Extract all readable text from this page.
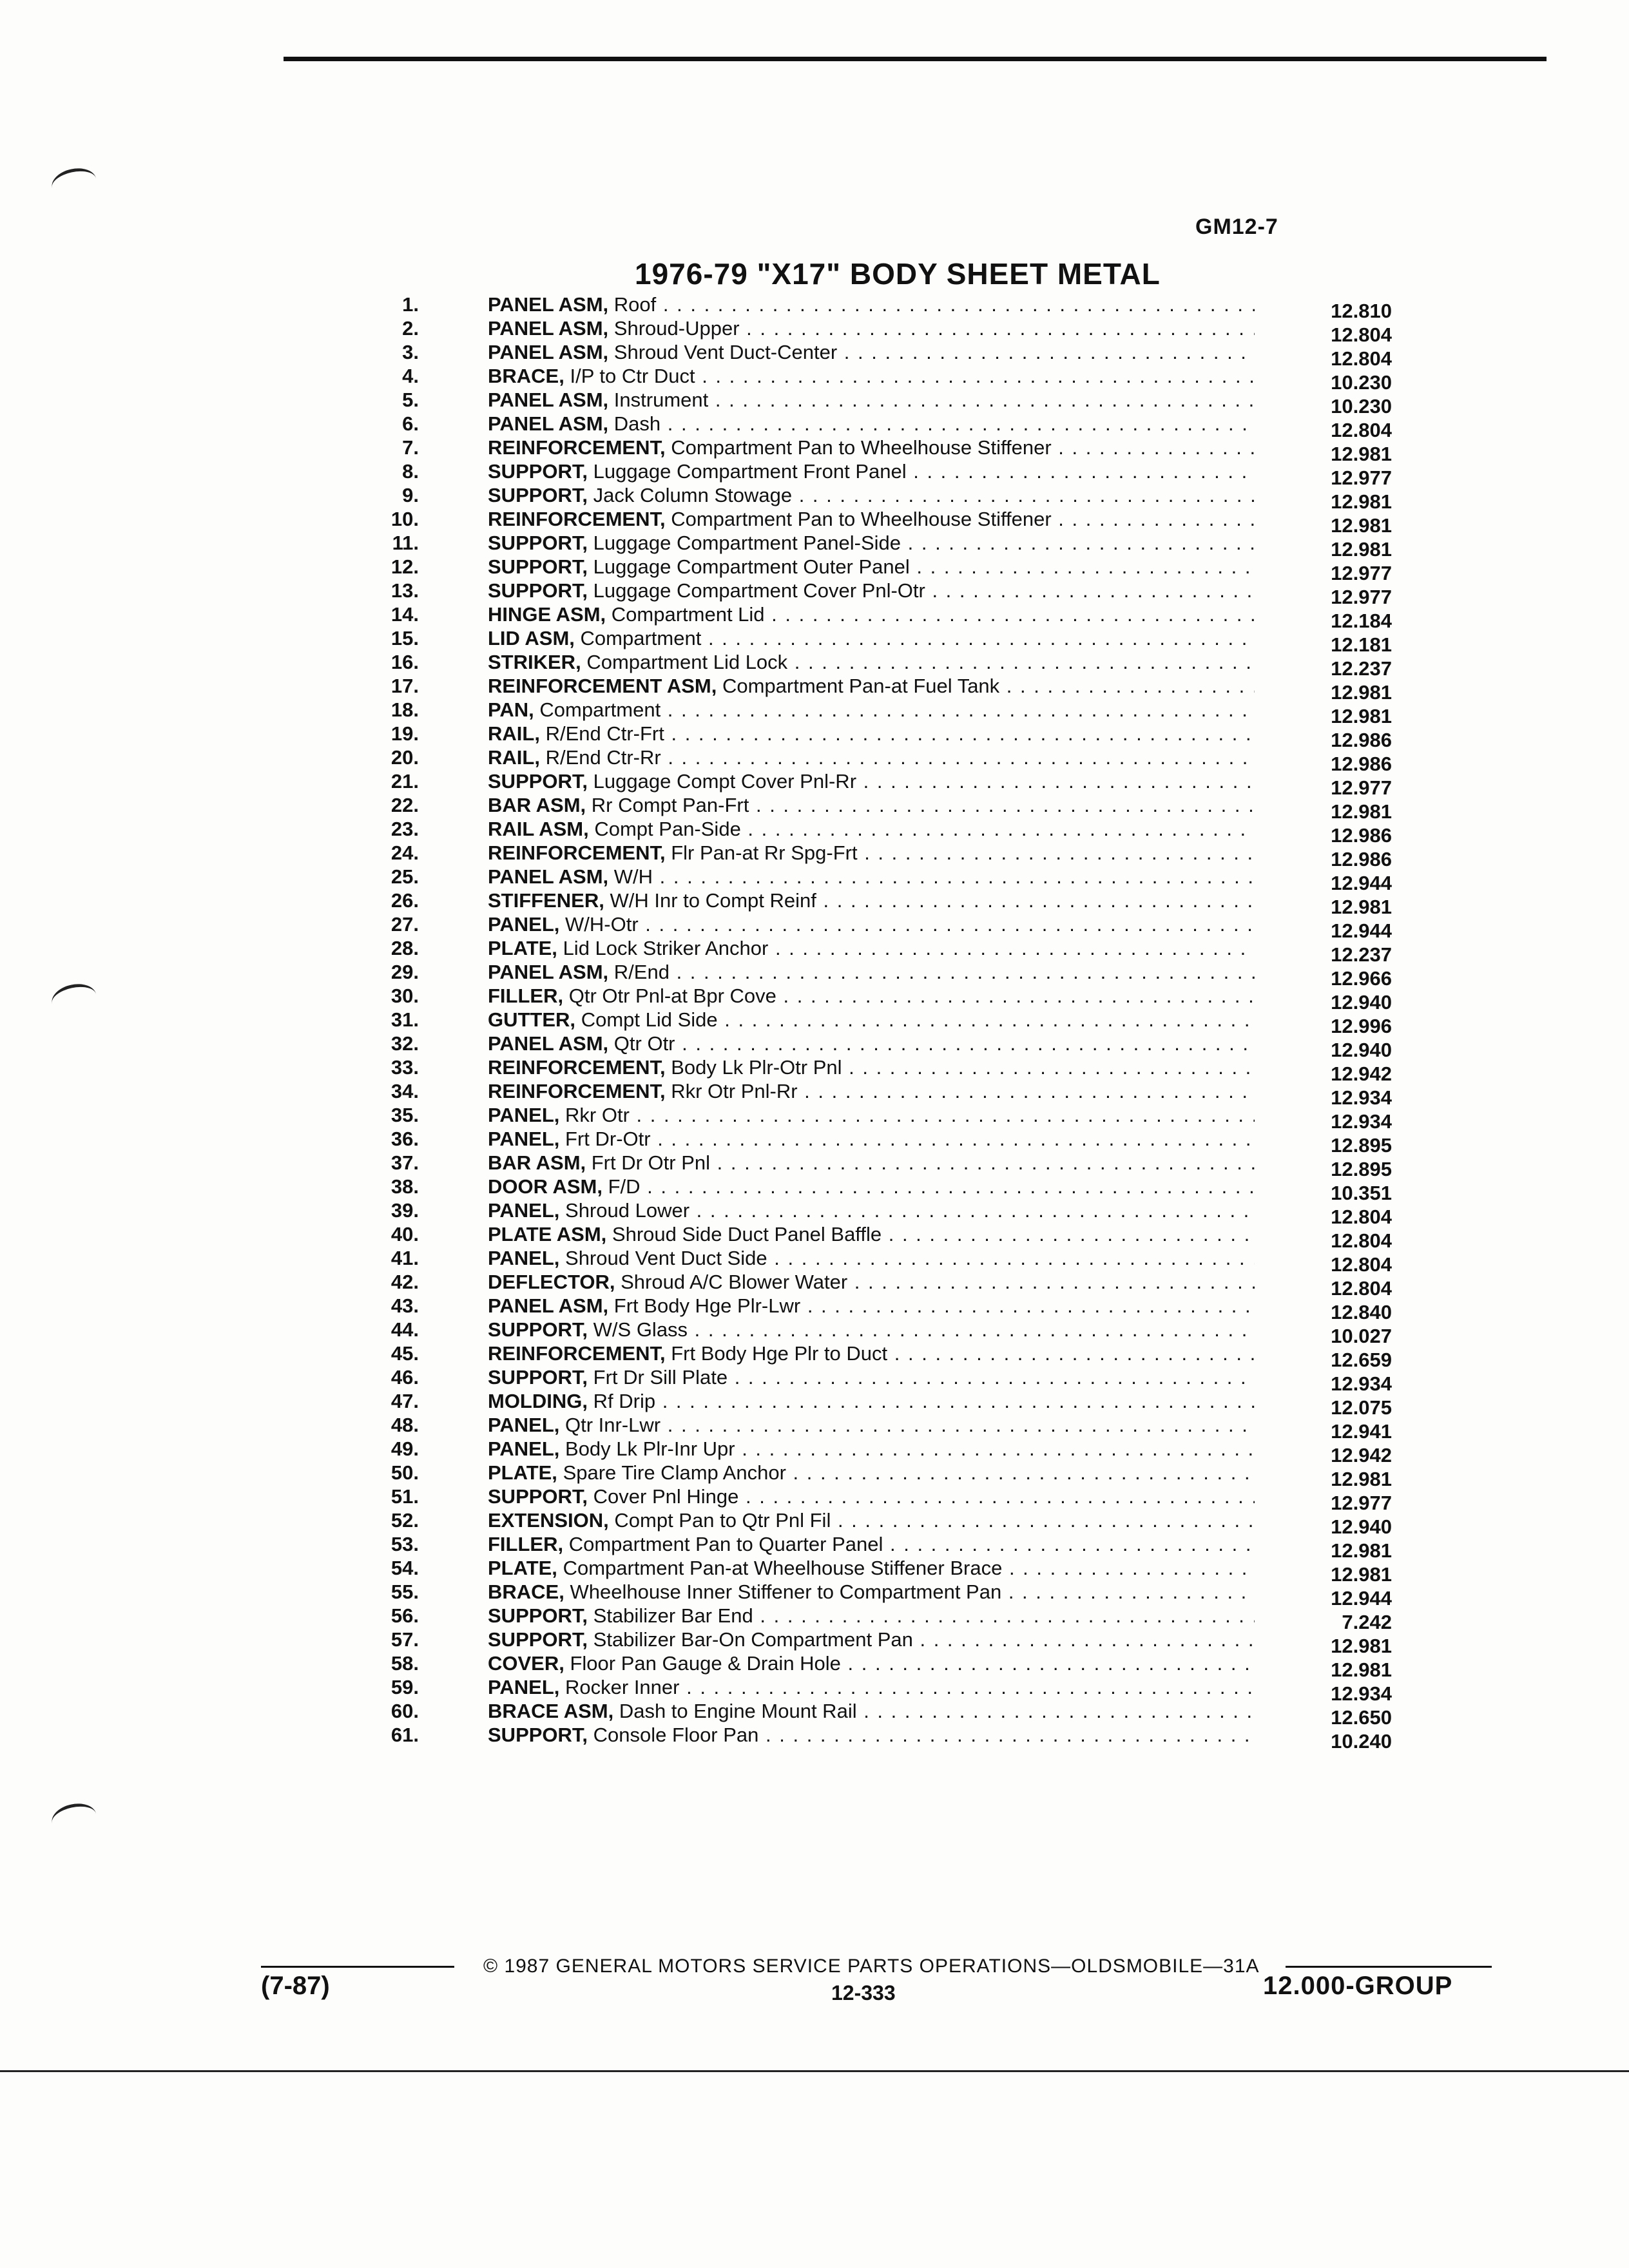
GM12-7
1976-79 "X17" BODY SHEET METAL
1.	PANEL ASM, Roof . . .	12.810
2.	PANEL ASM, Shroud-Upper . . .	12.804
3.	PANEL ASM, Shroud Vent Duct-Center . . .	12.804
4.	BRACE, I/P to Ctr Duct . . .	10.230
5.	PANEL ASM, Instrument . . .	10.230
6.	PANEL ASM, Dash . . .	12.804
7.	REINFORCEMENT, Compartment Pan to Wheelhouse Stiffener . . .	12.981
8.	SUPPORT, Luggage Compartment Front Panel . . .	12.977
9.	SUPPORT, Jack Column Stowage . . .	12.981
10.	REINFORCEMENT, Compartment Pan to Wheelhouse Stiffener . . .	12.981
11.	SUPPORT, Luggage Compartment Panel-Side . . .	12.981
12.	SUPPORT, Luggage Compartment Outer Panel . . .	12.977
13.	SUPPORT, Luggage Compartment Cover Pnl-Otr . . .	12.977
14.	HINGE ASM, Compartment Lid . . .	12.184
15.	LID ASM, Compartment . . .	12.181
16.	STRIKER, Compartment Lid Lock . . .	12.237
17.	REINFORCEMENT ASM, Compartment Pan-at Fuel Tank . . .	12.981
18.	PAN, Compartment . . .	12.981
19.	RAIL, R/End Ctr-Frt . . .	12.986
20.	RAIL, R/End Ctr-Rr . . .	12.986
21.	SUPPORT, Luggage Compt Cover Pnl-Rr . . .	12.977
22.	BAR ASM, Rr Compt Pan-Frt . . .	12.981
23.	RAIL ASM, Compt Pan-Side . . .	12.986
24.	REINFORCEMENT, Flr Pan-at Rr Spg-Frt . . .	12.986
25.	PANEL ASM, W/H . . .	12.944
26.	STIFFENER, W/H Inr to Compt Reinf . . .	12.981
27.	PANEL, W/H-Otr . . .	12.944
28.	PLATE, Lid Lock Striker Anchor . . .	12.237
29.	PANEL ASM, R/End . . .	12.966
30.	FILLER, Qtr Otr Pnl-at Bpr Cove . . .	12.940
31.	GUTTER, Compt Lid Side . . .	12.996
32.	PANEL ASM, Qtr Otr . . .	12.940
33.	REINFORCEMENT, Body Lk Plr-Otr Pnl . . .	12.942
34.	REINFORCEMENT, Rkr Otr Pnl-Rr . . .	12.934
35.	PANEL, Rkr Otr . . .	12.934
36.	PANEL, Frt Dr-Otr . . .	12.895
37.	BAR ASM, Frt Dr Otr Pnl . . .	12.895
38.	DOOR ASM, F/D . . .	10.351
39.	PANEL, Shroud Lower . . .	12.804
40.	PLATE ASM, Shroud Side Duct Panel Baffle . . .	12.804
41.	PANEL, Shroud Vent Duct Side . . .	12.804
42.	DEFLECTOR, Shroud A/C Blower Water . . .	12.804
43.	PANEL ASM, Frt Body Hge Plr-Lwr . . .	12.840
44.	SUPPORT, W/S Glass . . .	10.027
45.	REINFORCEMENT, Frt Body Hge Plr to Duct . . .	12.659
46.	SUPPORT, Frt Dr Sill Plate . . .	12.934
47.	MOLDING, Rf Drip . . .	12.075
48.	PANEL, Qtr Inr-Lwr . . .	12.941
49.	PANEL, Body Lk Plr-Inr Upr . . .	12.942
50.	PLATE, Spare Tire Clamp Anchor . . .	12.981
51.	SUPPORT, Cover Pnl Hinge . . .	12.977
52.	EXTENSION, Compt Pan to Qtr Pnl Fil . . .	12.940
53.	FILLER, Compartment Pan to Quarter Panel . . .	12.981
54.	PLATE, Compartment Pan-at Wheelhouse Stiffener Brace . . .	12.981
55.	BRACE, Wheelhouse Inner Stiffener to Compartment Pan . . .	12.944
56.	SUPPORT, Stabilizer Bar End . . .	7.242
57.	SUPPORT, Stabilizer Bar-On Compartment Pan . . .	12.981
58.	COVER, Floor Pan Gauge & Drain Hole . . .	12.981
59.	PANEL, Rocker Inner . . .	12.934
60.	BRACE ASM, Dash to Engine Mount Rail . . .	12.650
61.	SUPPORT, Console Floor Pan . . .	10.240
(7-87)
© 1987 GENERAL MOTORS SERVICE PARTS OPERATIONS—OLDSMOBILE—31A
12-333	12.000-GROUP
